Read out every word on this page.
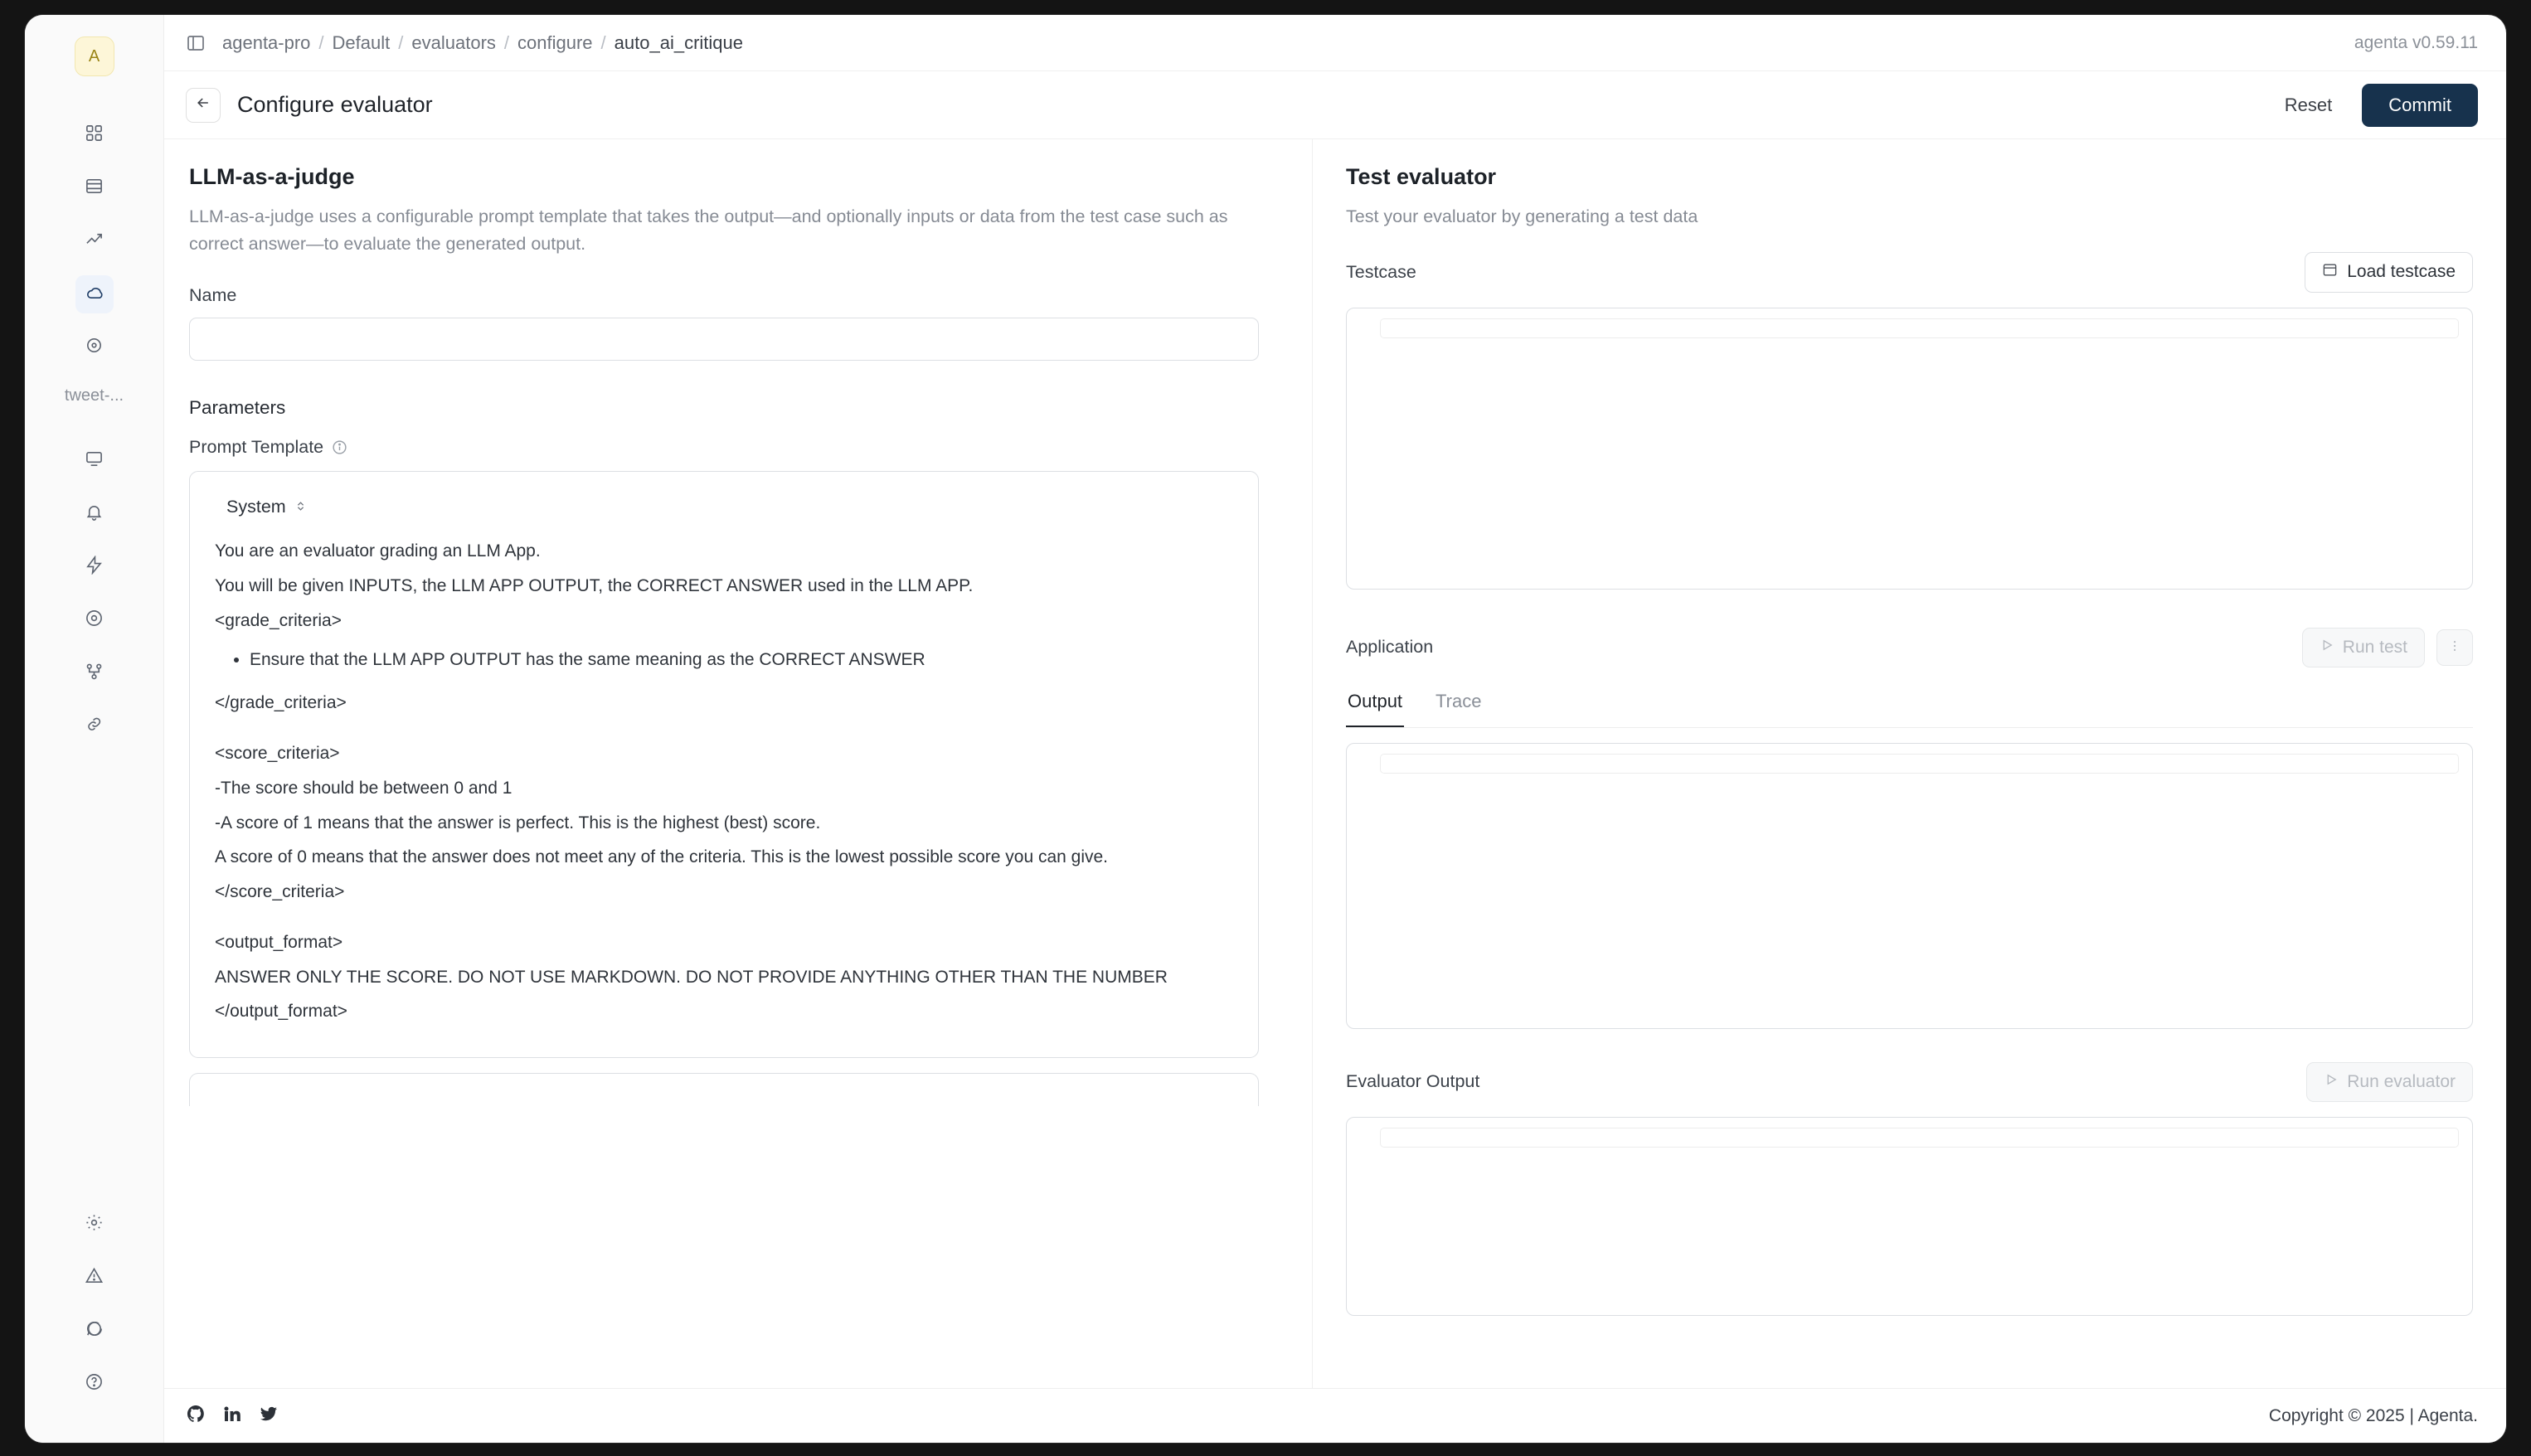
A
tweet-...
agenta-pro / Default / evaluators / configure / auto_ai_critique	agenta v0.59.11
Configure evaluator	Reset	Commit
LLM-as-a-judge

LLM-as-a-judge uses a configurable prompt template that takes the output—and optionally inputs or data from the test case such as correct answer—to evaluate the generated output.

Name
Parameters
Prompt Template
System

You are an evaluator grading an LLM App.

You will be given INPUTS, the LLM APP OUTPUT, the CORRECT ANSWER used in the LLM APP.

<grade_criteria>

• Ensure that the LLM APP OUTPUT has the same meaning as the CORRECT ANSWER

</grade_criteria>

<score_criteria>

-The score should be between 0 and 1

-A score of 1 means that the answer is perfect. This is the highest (best) score.

A score of 0 means that the answer does not meet any of the criteria. This is the lowest possible score you can give.

</score_criteria>

<output_format>

ANSWER ONLY THE SCORE. DO NOT USE MARKDOWN. DO NOT PROVIDE ANYTHING OTHER THAN THE NUMBER

</output_format>

Test evaluator

Test your evaluator by generating a test data

Testcase	Load testcase
Application	Run test
Output Trace
Evaluator Output	Run evaluator
Copyright © 2025 | Agenta.
